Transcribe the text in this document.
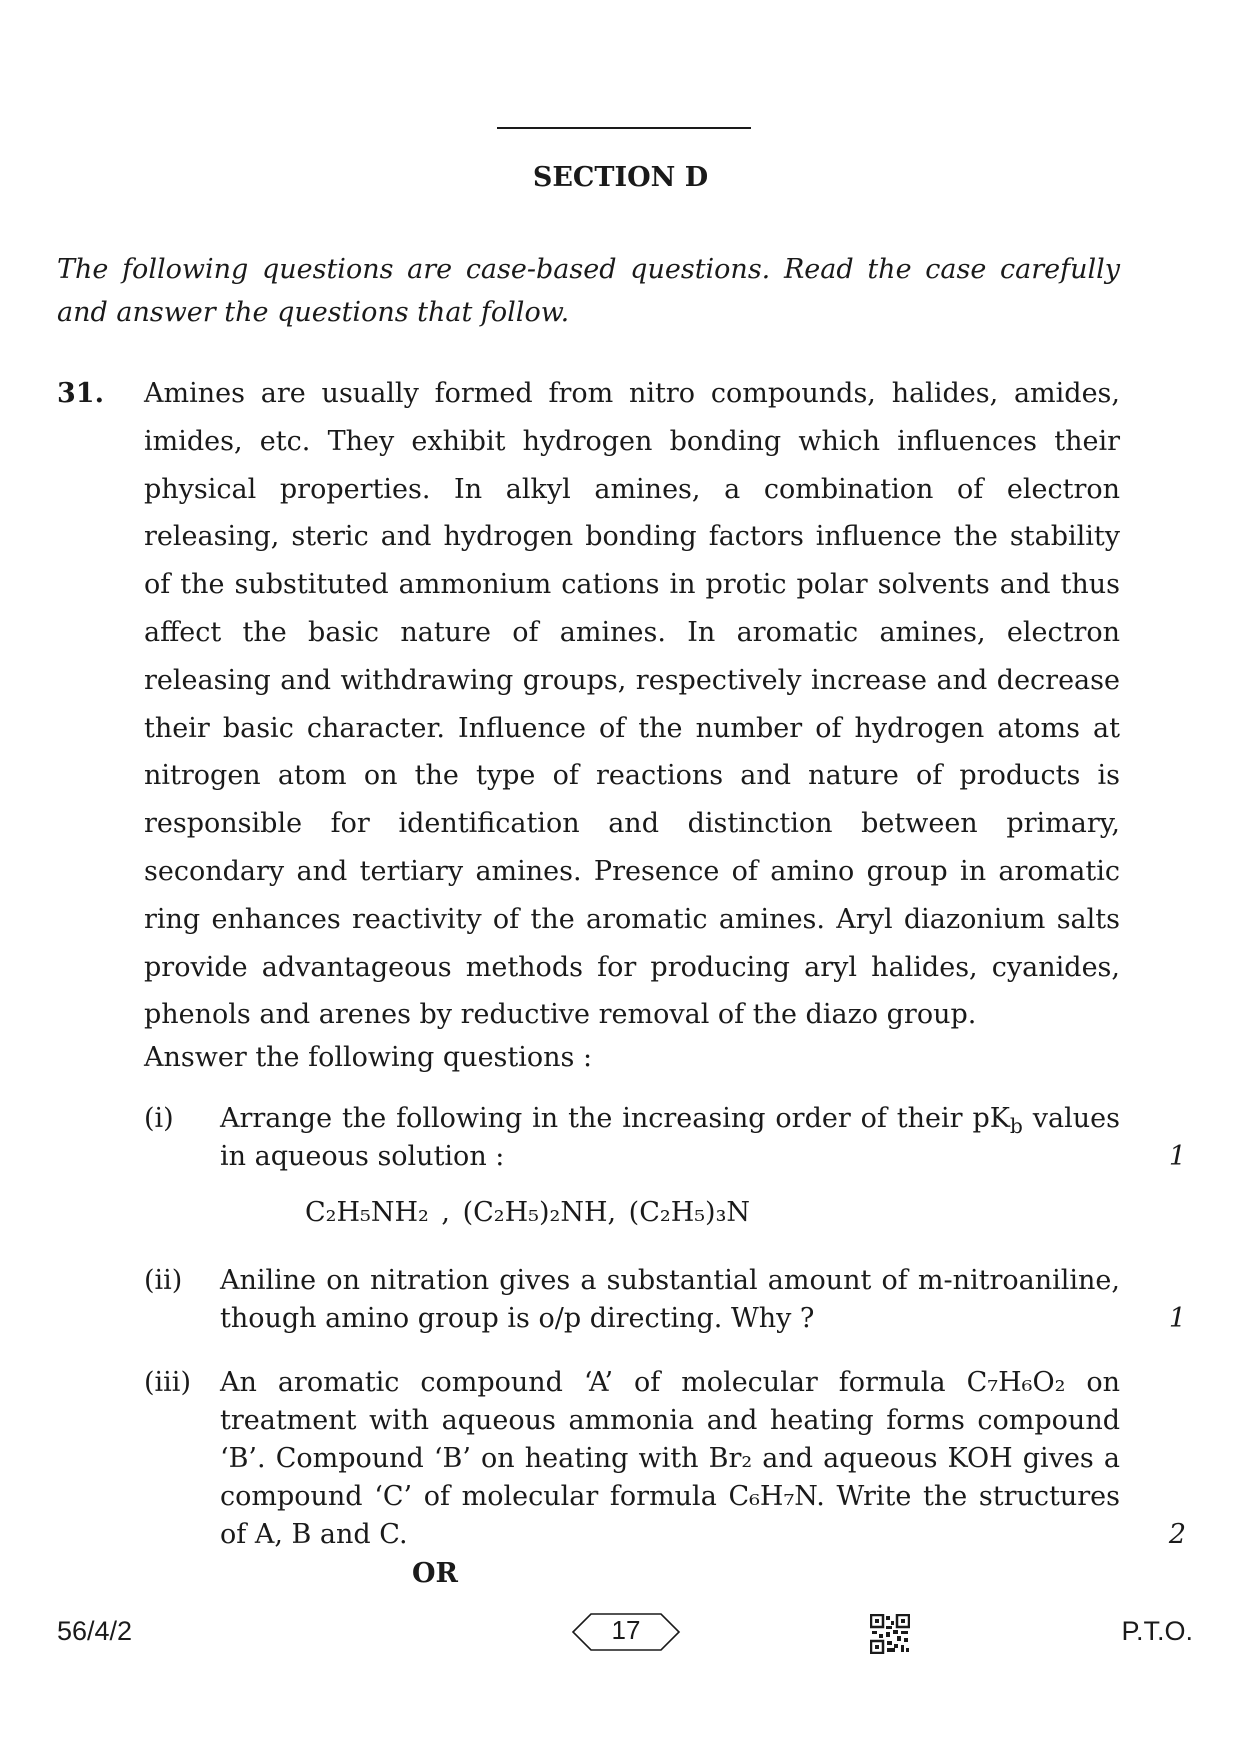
SECTION D
The following questions are case-based questions. Read the case carefully and answer the questions that follow.
31. Amines are usually formed from nitro compounds, halides, amides, imides, etc. They exhibit hydrogen bonding which influences their physical properties. In alkyl amines, a combination of electron releasing, steric and hydrogen bonding factors influence the stability of the substituted ammonium cations in protic polar solvents and thus affect the basic nature of amines. In aromatic amines, electron releasing and withdrawing groups, respectively increase and decrease their basic character. Influence of the number of hydrogen atoms at nitrogen atom on the type of reactions and nature of products is responsible for identification and distinction between primary, secondary and tertiary amines. Presence of amino group in aromatic ring enhances reactivity of the aromatic amines. Aryl diazonium salts provide advantageous methods for producing aryl halides, cyanides, phenols and arenes by reductive removal of the diazo group.
Answer the following questions :
(i) Arrange the following in the increasing order of their $pK_b$ values in aqueous solution :	1
C₂H₅NH₂ , (C₂H₅)₂NH, (C₂H₅)₃N
(ii) Aniline on nitration gives a substantial amount of m-nitroaniline, though amino group is o/p directing. Why ?	1
(iii) An aromatic compound ‘A’ of molecular formula C₇H₆O₂ on treatment with aqueous ammonia and heating forms compound ‘B’. Compound ‘B’ on heating with Br₂ and aqueous KOH gives a compound ‘C’ of molecular formula C₆H₇N. Write the structures of A, B and C.	2
OR
56/4/2	17	P.T.O.
